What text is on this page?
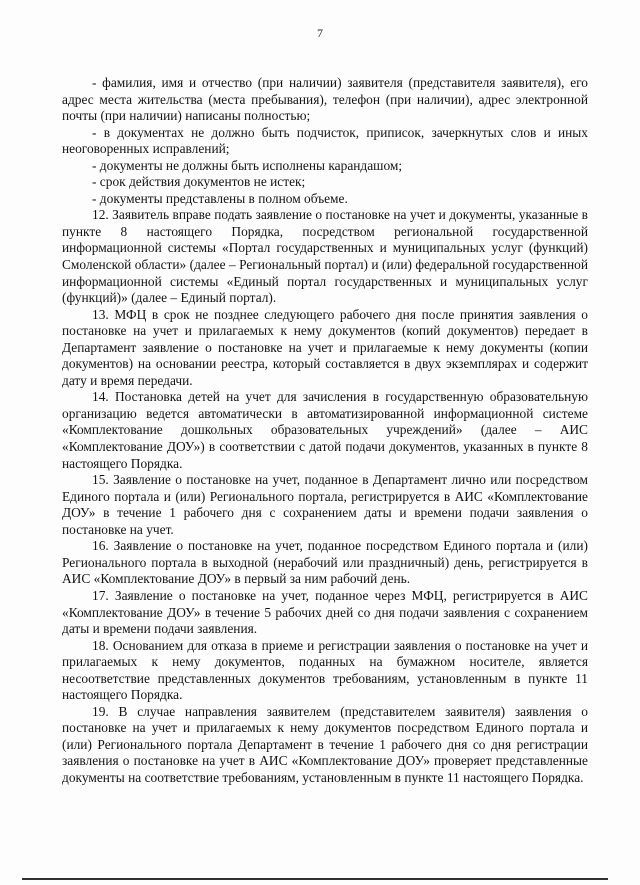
7

- фамилия, имя и отчество (при наличии) заявителя (представителя заявителя), его адрес места жительства (места пребывания), телефон (при наличии), адрес электронной почты (при наличии) написаны полностью;

- в документах не должно быть подчисток, приписок, зачеркнутых слов и иных неоговоренных исправлений;

- документы не должны быть исполнены карандашом;

- срок действия документов не истек;

- документы представлены в полном объеме.

12. Заявитель вправе подать заявление о постановке на учет и документы, указанные в пункте 8 настоящего Порядка, посредством региональной государственной информационной системы «Портал государственных и муниципальных услуг (функций) Смоленской области» (далее – Региональный портал) и (или) федеральной государственной информационной системы «Единый портал государственных и муниципальных услуг (функций)» (далее – Единый портал).

13. МФЦ в срок не позднее следующего рабочего дня после принятия заявления о постановке на учет и прилагаемых к нему документов (копий документов) передает в Департамент заявление о постановке на учет и прилагаемые к нему документы (копии документов) на основании реестра, который составляется в двух экземплярах и содержит дату и время передачи.

14. Постановка детей на учет для зачисления в государственную образовательную организацию ведется автоматически в автоматизированной информационной системе «Комплектование дошкольных образовательных учреждений» (далее – АИС «Комплектование ДОУ») в соответствии с датой подачи документов, указанных в пункте 8 настоящего Порядка.

15. Заявление о постановке на учет, поданное в Департамент лично или посредством Единого портала и (или) Регионального портала, регистрируется в АИС «Комплектование ДОУ» в течение 1 рабочего дня с сохранением даты и времени подачи заявления о постановке на учет.

16. Заявление о постановке на учет, поданное посредством Единого портала и (или) Регионального портала в выходной (нерабочий или праздничный) день, регистрируется в АИС «Комплектование ДОУ» в первый за ним рабочий день.

17. Заявление о постановке на учет, поданное через МФЦ, регистрируется в АИС «Комплектование ДОУ» в течение 5 рабочих дней со дня подачи заявления с сохранением даты и времени подачи заявления.

18. Основанием для отказа в приеме и регистрации заявления о постановке на учет и прилагаемых к нему документов, поданных на бумажном носителе, является несоответствие представленных документов требованиям, установленным в пункте 11 настоящего Порядка.

19. В случае направления заявителем (представителем заявителя) заявления о постановке на учет и прилагаемых к нему документов посредством Единого портала и (или) Регионального портала Департамент в течение 1 рабочего дня со дня регистрации заявления о постановке на учет в АИС «Комплектование ДОУ» проверяет представленные документы на соответствие требованиям, установленным в пункте 11 настоящего Порядка.
